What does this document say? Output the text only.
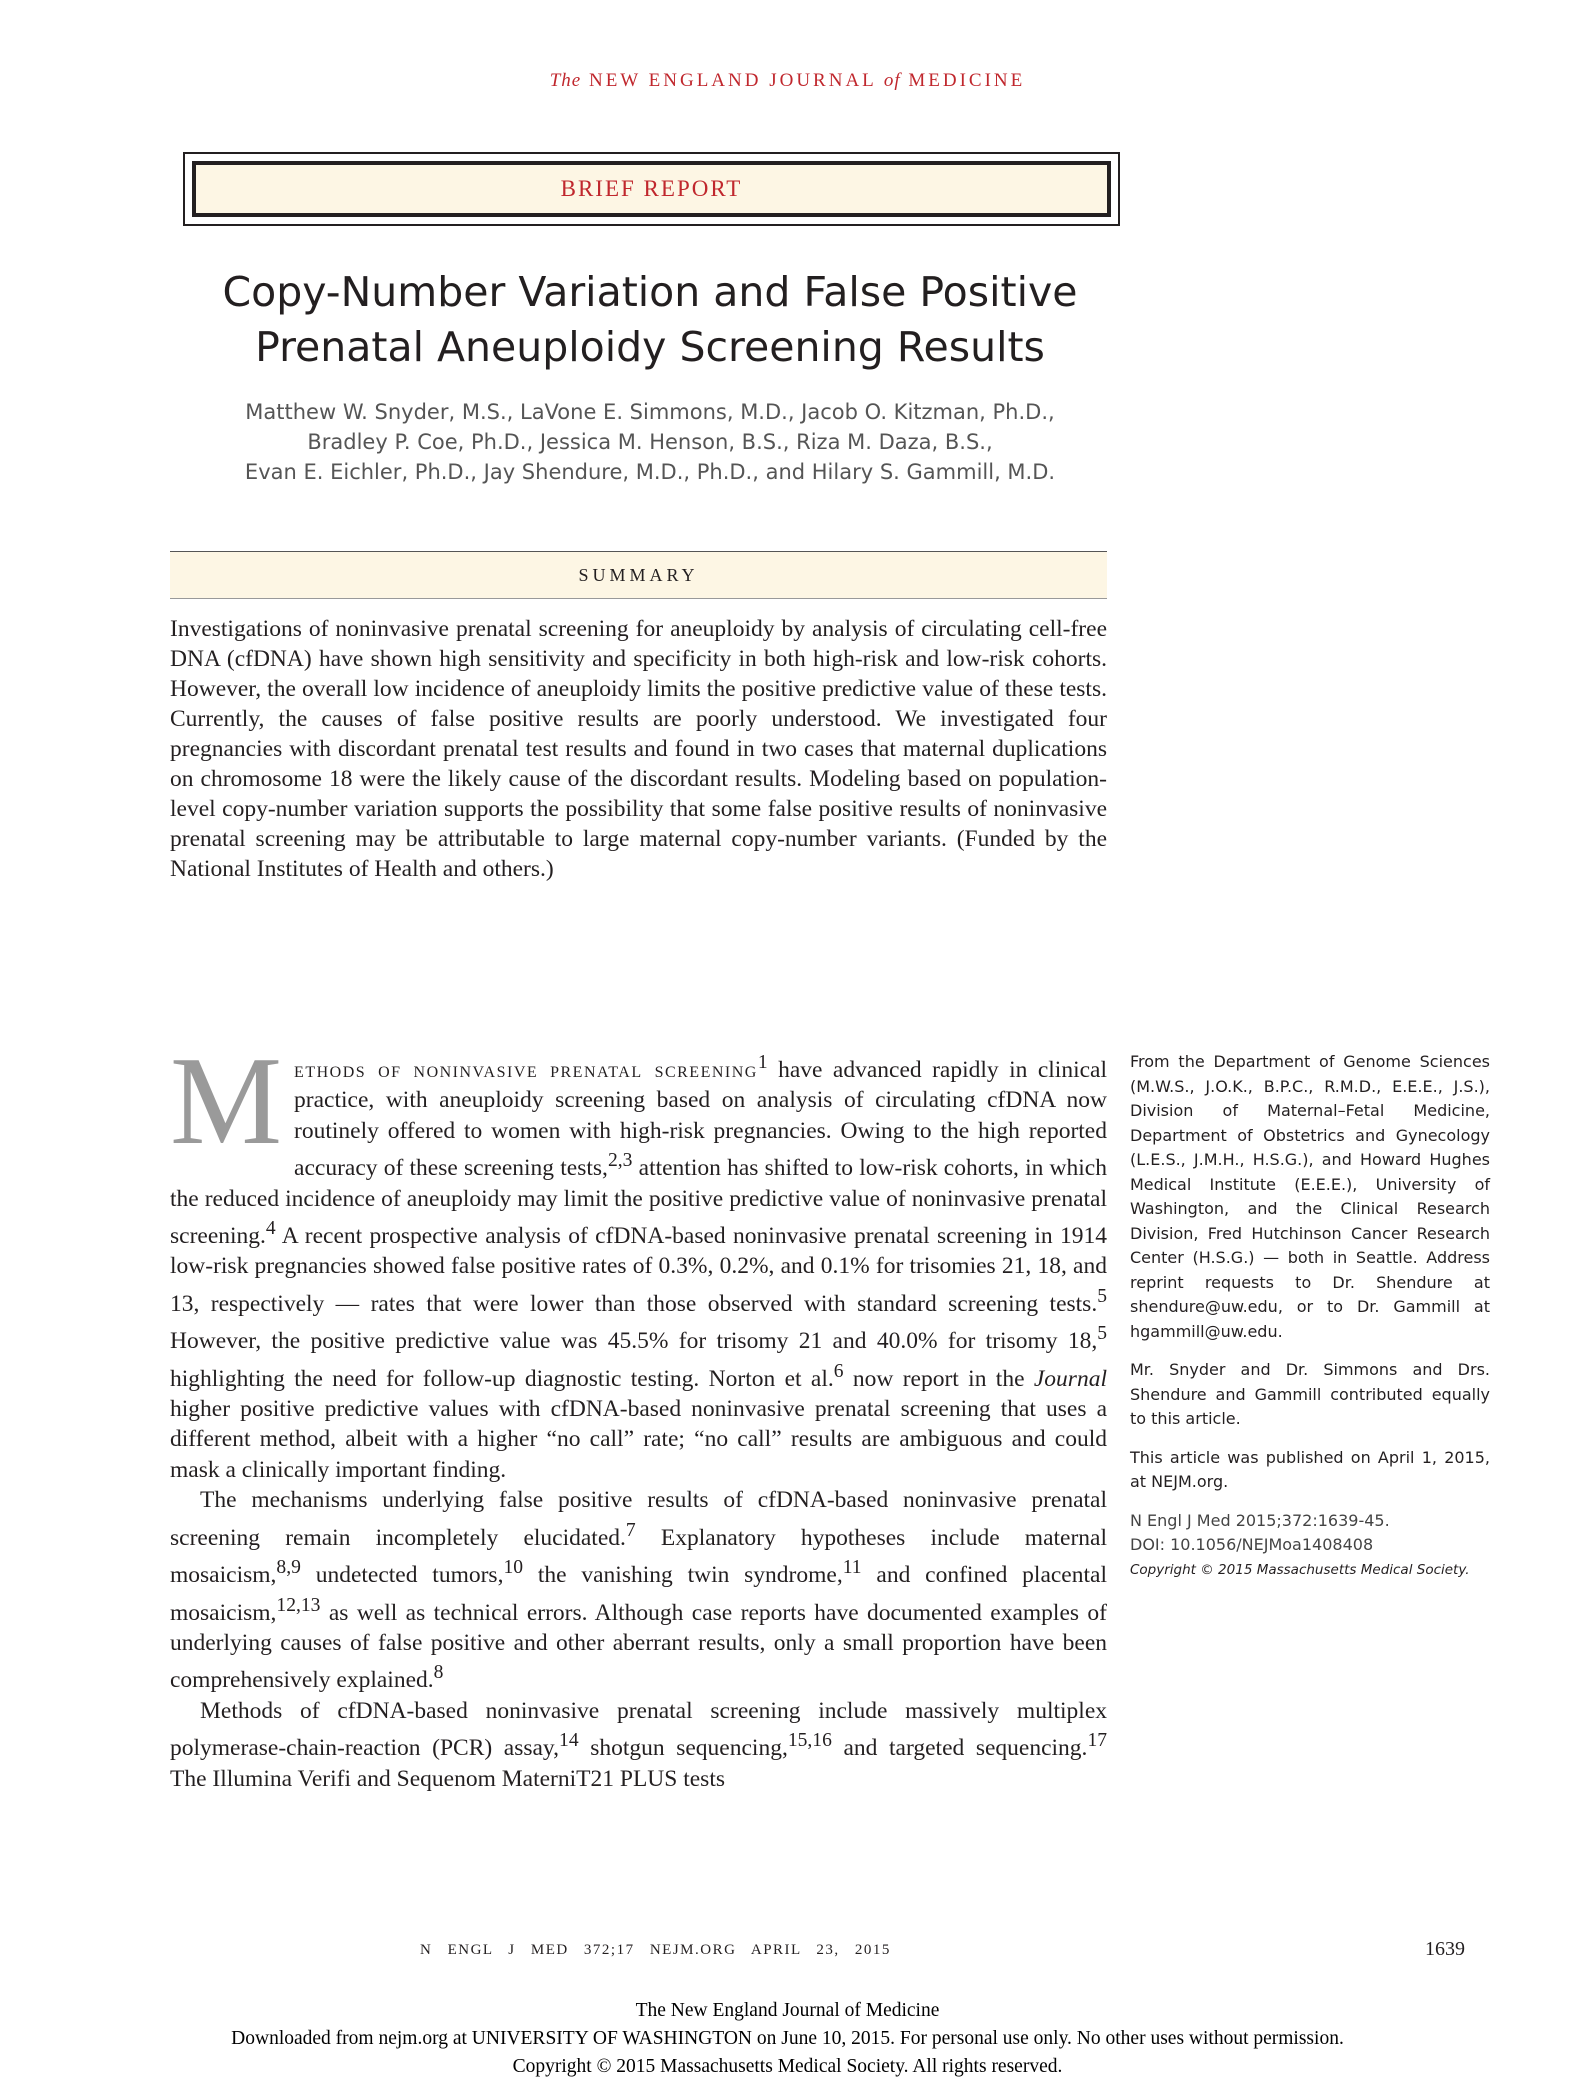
The NEW ENGLAND JOURNAL of MEDICINE
BRIEF REPORT
Copy-Number Variation and False Positive
Prenatal Aneuploidy Screening Results
Matthew W. Snyder, M.S., LaVone E. Simmons, M.D., Jacob O. Kitzman, Ph.D.,
Bradley P. Coe, Ph.D., Jessica M. Henson, B.S., Riza M. Daza, B.S.,
Evan E. Eichler, Ph.D., Jay Shendure, M.D., Ph.D., and Hilary S. Gammill, M.D.
SUMMARY
Investigations of noninvasive prenatal screening for aneuploidy by analysis of circulating cell-free DNA (cfDNA) have shown high sensitivity and specificity in both high-risk and low-risk cohorts. However, the overall low incidence of aneuploidy limits the positive predictive value of these tests. Currently, the causes of false positive results are poorly understood. We investigated four pregnancies with discordant prenatal test results and found in two cases that maternal duplications on chromosome 18 were the likely cause of the discordant results. Modeling based on population-level copy-number variation supports the possibility that some false positive results of noninvasive prenatal screening may be attributable to large maternal copy-number variants. (Funded by the National Institutes of Health and others.)

Methods of noninvasive prenatal screening$^1$ have advanced rapidly in clinical practice, with aneuploidy screening based on analysis of circulating cfDNA now routinely offered to women with high-risk pregnancies. Owing to the high reported accuracy of these screening tests,$^{2,3}$ attention has shifted to low-risk cohorts, in which the reduced incidence of aneuploidy may limit the positive predictive value of noninvasive prenatal screening.$^4$ A recent prospective analysis of cfDNA-based noninvasive prenatal screening in 1914 low-risk pregnancies showed false positive rates of 0.3%, 0.2%, and 0.1% for trisomies 21, 18, and 13, respectively — rates that were lower than those observed with standard screening tests.$^5$ However, the positive predictive value was 45.5% for trisomy 21 and 40.0% for trisomy 18,$^5$ highlighting the need for follow-up diagnostic testing. Norton et al.$^6$ now report in the Journal higher positive predictive values with cfDNA-based noninvasive prenatal screening that uses a different method, albeit with a higher “no call” rate; “no call” results are ambiguous and could mask a clinically important finding.

The mechanisms underlying false positive results of cfDNA-based noninvasive prenatal screening remain incompletely elucidated.$^7$ Explanatory hypotheses include maternal mosaicism,$^{8,9}$ undetected tumors,$^{10}$ the vanishing twin syndrome,$^{11}$ and confined placental mosaicism,$^{12,13}$ as well as technical errors. Although case reports have documented examples of underlying causes of false positive and other aberrant results, only a small proportion have been comprehensively explained.$^8$

Methods of cfDNA-based noninvasive prenatal screening include massively multiplex polymerase-chain-reaction (PCR) assay,$^{14}$ shotgun sequencing,$^{15,16}$ and targeted sequencing.$^{17}$ The Illumina Verifi and Sequenom MaterniT21 PLUS tests

From the Department of Genome Sciences (M.W.S., J.O.K., B.P.C., R.M.D., E.E.E., J.S.), Division of Maternal–Fetal Medicine, Department of Obstetrics and Gynecology (L.E.S., J.M.H., H.S.G.), and Howard Hughes Medical Institute (E.E.E.), University of Washington, and the Clinical Research Division, Fred Hutchinson Cancer Research Center (H.S.G.) — both in Seattle. Address reprint requests to Dr. Shendure at shendure@uw.edu, or to Dr. Gammill at hgammill@uw.edu.

Mr. Snyder and Dr. Simmons and Drs. Shendure and Gammill contributed equally to this article.

This article was published on April 1, 2015, at NEJM.org.

N Engl J Med 2015;372:1639-45.

DOI: 10.1056/NEJMoa1408408

Copyright © 2015 Massachusetts Medical Society.

N ENGL J MED 372;17 NEJM.ORG APRIL 23, 2015	1639
The New England Journal of Medicine
Downloaded from nejm.org at UNIVERSITY OF WASHINGTON on June 10, 2015. For personal use only. No other uses without permission.
Copyright © 2015 Massachusetts Medical Society. All rights reserved.
